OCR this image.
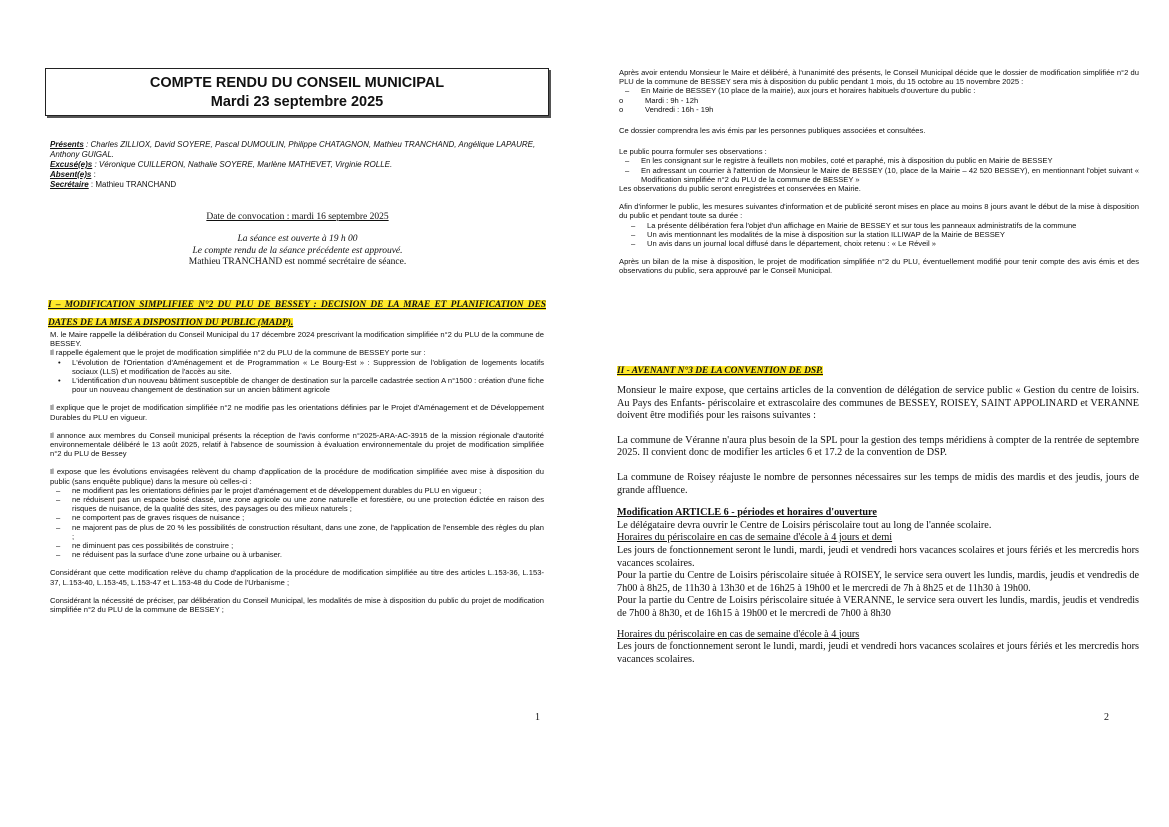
COMPTE RENDU DU CONSEIL MUNICIPAL
Mardi 23 septembre 2025

Présents : Charles ZILLIOX, David SOYERE, Pascal DUMOULIN, Philippe CHATAGNON, Mathieu TRANCHAND, Angélique LAPAURE, Anthony GUIGAL.

Excusé(e)s : Véronique CUILLERON, Nathalie SOYERE, Marlène MATHEVET, Virginie ROLLE.

Absent(e)s :

Secrétaire : Mathieu TRANCHAND

Date de convocation : mardi 16 septembre 2025

La séance est ouverte à 19 h 00

Le compte rendu de la séance précédente est approuvé.

Mathieu TRANCHAND est nommé secrétaire de séance.

I – MODIFICATION SIMPLIFIEE N°2 DU PLU DE BESSEY : DECISION DE LA MRAE ET PLANIFICATION DES DATES DE LA MISE A DISPOSITION DU PUBLIC (MADP).

M. le Maire rappelle la délibération du Conseil Municipal du 17 décembre 2024 prescrivant la modification simplifiée n°2 du PLU de la commune de BESSEY.

Il rappelle également que le projet de modification simplifiée n°2 du PLU de la commune de BESSEY porte sur :

• L'évolution de l'Orientation d'Aménagement et de Programmation « Le Bourg-Est » : Suppression de l'obligation de logements locatifs sociaux (LLS) et modification de l'accès au site.
• L'identification d'un nouveau bâtiment susceptible de changer de destination sur la parcelle cadastrée section A n°1500 : création d'une fiche pour un nouveau changement de destination sur un ancien bâtiment agricole

Il explique que le projet de modification simplifiée n°2 ne modifie pas les orientations définies par le Projet d'Aménagement et de Développement Durables du PLU en vigueur.

Il annonce aux membres du Conseil municipal présents la réception de l'avis conforme n°2025-ARA-AC-3915 de la mission régionale d'autorité environnementale délibéré le 13 août 2025, relatif à l'absence de soumission à évaluation environnementale du projet de modification simplifiée n°2 du PLU de Bessey

Il expose que les évolutions envisagées relèvent du champ d'application de la procédure de modification simplifiée avec mise à disposition du public (sans enquête publique) dans la mesure où celles-ci :

– ne modifient pas les orientations définies par le projet d'aménagement et de développement durables du PLU en vigueur ;
– ne réduisent pas un espace boisé classé, une zone agricole ou une zone naturelle et forestière, ou une protection édictée en raison des risques de nuisance, de la qualité des sites, des paysages ou des milieux naturels ;
– ne comportent pas de graves risques de nuisance ;
– ne majorent pas de plus de 20 % les possibilités de construction résultant, dans une zone, de l'application de l'ensemble des règles du plan ;
– ne diminuent pas ces possibilités de construire ;
– ne réduisent pas la surface d'une zone urbaine ou à urbaniser.

Considérant que cette modification relève du champ d'application de la procédure de modification simplifiée au titre des articles L.153-36, L.153-37, L.153-40, L.153-45, L.153-47 et L.153-48 du Code de l'Urbanisme ;

Considérant la nécessité de préciser, par délibération du Conseil Municipal, les modalités de mise à disposition du public du projet de modification simplifiée n°2 du PLU de la commune de BESSEY ;

1

Après avoir entendu Monsieur le Maire et délibéré, à l'unanimité des présents, le Conseil Municipal décide que le dossier de modification simplifiée n°2 du PLU de la commune de BESSEY sera mis à disposition du public pendant 1 mois, du 15 octobre au 15 novembre 2025 :

– En Mairie de BESSEY (10 place de la mairie), aux jours et horaires habituels d'ouverture du public :
o	Mardi : 9h - 12h
o	Vendredi : 16h - 19h

Ce dossier comprendra les avis émis par les personnes publiques associées et consultées.

Le public pourra formuler ses observations :

– En les consignant sur le registre à feuillets non mobiles, coté et paraphé, mis à disposition du public en Mairie de BESSEY
– En adressant un courrier à l'attention de Monsieur le Maire de BESSEY (10, place de la Mairie – 42 520 BESSEY), en mentionnant l'objet suivant « Modification simplifiée n°2 du PLU de la commune de BESSEY »

Les observations du public seront enregistrées et conservées en Mairie.

Afin d'informer le public, les mesures suivantes d'information et de publicité seront mises en place au moins 8 jours avant le début de la mise à disposition du public et pendant toute sa durée :

– La présente délibération fera l'objet d'un affichage en Mairie de BESSEY et sur tous les panneaux administratifs de la commune
– Un avis mentionnant les modalités de la mise à disposition sur la station ILLIWAP de la Mairie de BESSEY
– Un avis dans un journal local diffusé dans le département, choix retenu : « Le Réveil »

Après un bilan de la mise à disposition, le projet de modification simplifiée n°2 du PLU, éventuellement modifié pour tenir compte des avis émis et des observations du public, sera approuvé par le Conseil Municipal.

II - AVENANT N°3 DE LA CONVENTION DE DSP.

Monsieur le maire expose, que certains articles de la convention de délégation de service public « Gestion du centre de loisirs. Au Pays des Enfants- périscolaire et extrascolaire des communes de BESSEY, ROISEY, SAINT APPOLINARD et VERANNE doivent être modifiés pour les raisons suivantes :

La commune de Véranne n'aura plus besoin de la SPL pour la gestion des temps méridiens à compter de la rentrée de septembre 2025. Il convient donc de modifier les articles 6 et 17.2 de la convention de DSP.

La commune de Roisey réajuste le nombre de personnes nécessaires sur les temps de midis des mardis et des jeudis, jours de grande affluence.

Modification ARTICLE 6 - périodes et horaires d'ouverture

Le délégataire devra ouvrir le Centre de Loisirs périscolaire tout au long de l'année scolaire.

Horaires du périscolaire en cas de semaine d'école à 4 jours et demi

Les jours de fonctionnement seront le lundi, mardi, jeudi et vendredi hors vacances scolaires et jours fériés et les mercredis hors vacances scolaires.

Pour la partie du Centre de Loisirs périscolaire située à ROISEY, le service sera ouvert les lundis, mardis, jeudis et vendredis de 7h00 à 8h25, de 11h30 à 13h30 et de 16h25 à 19h00 et le mercredi de 7h à 8h25 et de 11h30 à 19h00.

Pour la partie du Centre de Loisirs périscolaire située à VERANNE, le service sera ouvert les lundis, mardis, jeudis et vendredis de 7h00 à 8h30, et de 16h15 à 19h00 et le mercredi de 7h00 à 8h30

Horaires du périscolaire en cas de semaine d'école à 4 jours

Les jours de fonctionnement seront le lundi, mardi, jeudi et vendredi hors vacances scolaires et jours fériés et les mercredis hors vacances scolaires.

2
